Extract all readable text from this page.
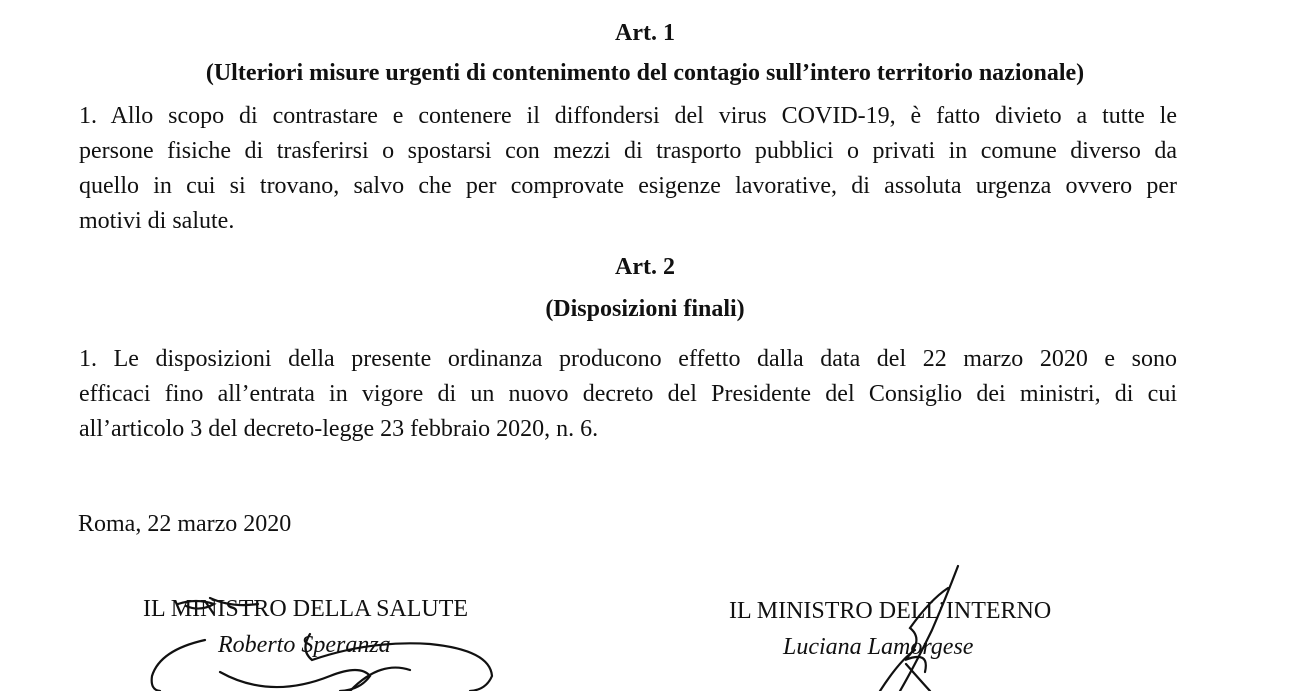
Art. 1
(Ulteriori misure urgenti di contenimento del contagio sull’intero territorio nazionale)
1. Allo scopo di contrastare e contenere il diffondersi del virus COVID-19, è fatto divieto a tutte le
persone fisiche di trasferirsi o spostarsi con mezzi di trasporto pubblici o privati in comune diverso da
quello in cui si trovano, salvo che per comprovate esigenze lavorative, di assoluta urgenza ovvero per
motivi di salute.
Art. 2
(Disposizioni finali)
1. Le disposizioni della presente ordinanza producono effetto dalla data del 22 marzo 2020 e sono
efficaci fino all’entrata in vigore di un nuovo decreto del Presidente del Consiglio dei ministri, di cui
all’articolo 3 del decreto-legge 23 febbraio 2020, n. 6.
Roma, 22 marzo 2020
IL MINISTRO DELLA SALUTE
Roberto Speranza
IL MINISTRO DELL’INTERNO
Luciana Lamorgese
